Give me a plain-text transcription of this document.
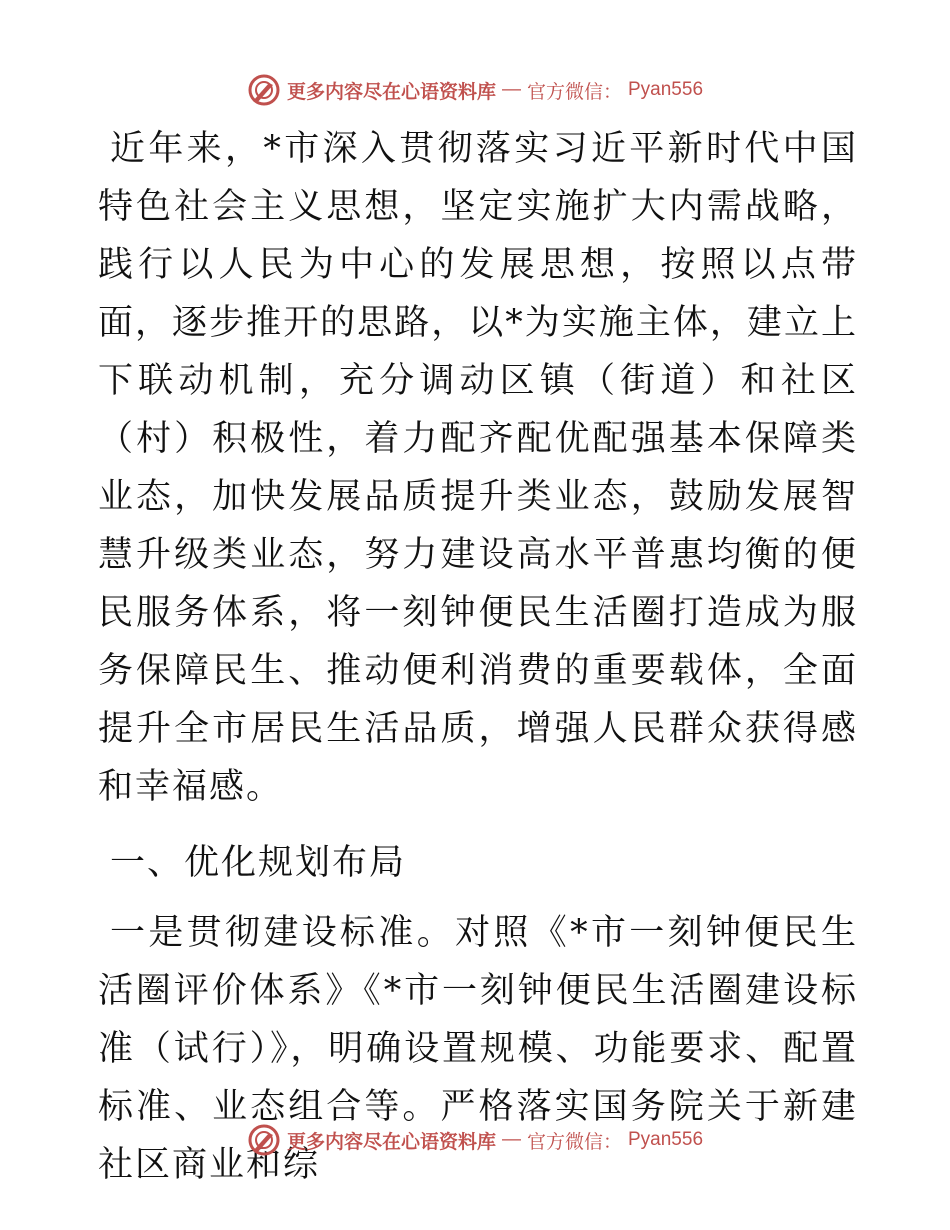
更多内容尽在心语资料库 — 官方微信： Pyan556

近年来，*市深入贯彻落实习近平新时代中国特色社会主义思想，坚定实施扩大内需战略，践行以人民为中心的发展思想，按照以点带面，逐步推开的思路，以*为实施主体，建立上下联动机制，充分调动区镇（街道）和社区（村）积极性，着力配齐配优配强基本保障类业态，加快发展品质提升类业态，鼓励发展智慧升级类业态，努力建设高水平普惠均衡的便民服务体系，将一刻钟便民生活圈打造成为服务保障民生、推动便利消费的重要载体，全面提升全市居民生活品质，增强人民群众获得感和幸福感。

一、优化规划布局

一是贯彻建设标准。对照《*市一刻钟便民生活圈评价体系》《*市一刻钟便民生活圈建设标准（试行）》，明确设置规模、功能要求、配置标准、业态组合等。严格落实国务院关于新建社区商业和综

更多内容尽在心语资料库 — 官方微信： Pyan556
